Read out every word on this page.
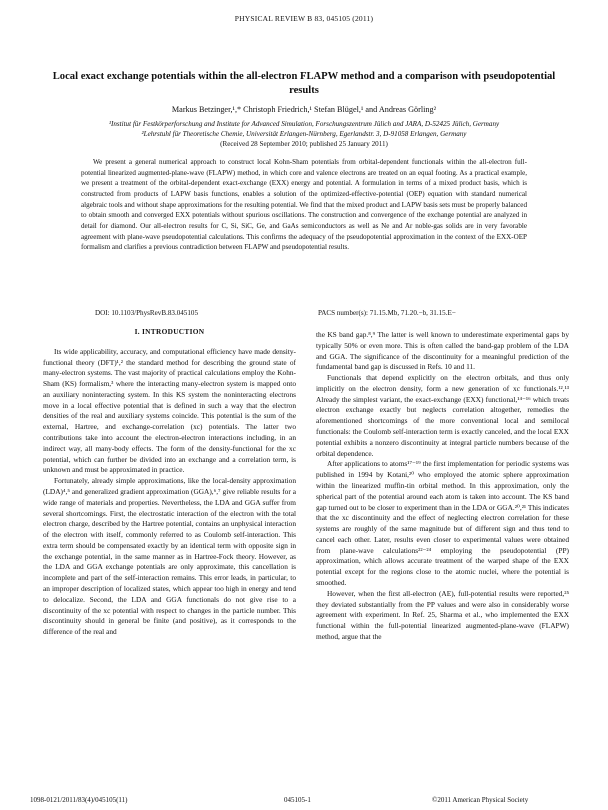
PHYSICAL REVIEW B 83, 045105 (2011)
Local exact exchange potentials within the all-electron FLAPW method and a comparison with pseudopotential results
Markus Betzinger,¹,* Christoph Friedrich,¹ Stefan Blügel,¹ and Andreas Görling²
¹Institut für Festkörperforschung and Institute for Advanced Simulation, Forschungszentrum Jülich and JARA, D-52425 Jülich, Germany
²Lehrstuhl für Theoretische Chemie, Universität Erlangen-Nürnberg, Egerlandstr. 3, D-91058 Erlangen, Germany
(Received 28 September 2010; published 25 January 2011)

We present a general numerical approach to construct local Kohn-Sham potentials from orbital-dependent functionals within the all-electron full-potential linearized augmented-plane-wave (FLAPW) method, in which core and valence electrons are treated on an equal footing. As a practical example, we present a treatment of the orbital-dependent exact-exchange (EXX) energy and potential. A formulation in terms of a mixed product basis, which is constructed from products of LAPW basis functions, enables a solution of the optimized-effective-potential (OEP) equation with standard numerical algebraic tools and without shape approximations for the resulting potential. We find that the mixed product and LAPW basis sets must be properly balanced to obtain smooth and converged EXX potentials without spurious oscillations. The construction and convergence of the exchange potential are analyzed in detail for diamond. Our all-electron results for C, Si, SiC, Ge, and GaAs semiconductors as well as Ne and Ar noble-gas solids are in very favorable agreement with plane-wave pseudopotential calculations. This confirms the adequacy of the pseudopotential approximation in the context of the EXX-OEP formalism and clarifies a previous contradiction between FLAPW and pseudopotential results.

DOI: 10.1103/PhysRevB.83.045105	PACS number(s): 71.15.Mb, 71.20.−b, 31.15.E−
I. INTRODUCTION

Its wide applicability, accuracy, and computational efficiency have made density-functional theory (DFT)¹,² the standard method for describing the ground state of many-electron systems. The vast majority of practical calculations employ the Kohn-Sham (KS) formalism,³ where the interacting many-electron system is mapped onto an auxiliary noninteracting system. In this KS system the noninteracting electrons move in a local effective potential that is defined in such a way that the electron densities of the real and auxiliary systems coincide. This potential is the sum of the external, Hartree, and exchange-correlation (xc) potentials. The latter two contributions take into account the electron-electron interactions including, in an indirect way, all many-body effects. The form of the density-functional for the xc potential, which can further be divided into an exchange and a correlation term, is unknown and must be approximated in practice.

Fortunately, already simple approximations, like the local-density approximation (LDA)⁴,⁵ and generalized gradient approximation (GGA),⁶,⁷ give reliable results for a wide range of materials and properties. Nevertheless, the LDA and GGA suffer from several shortcomings. First, the electrostatic interaction of the electron with the total electron charge, described by the Hartree potential, contains an unphysical interaction of the electron with itself, commonly referred to as Coulomb self-interaction. This extra term should be compensated exactly by an identical term with opposite sign in the exchange potential, in the same manner as in Hartree-Fock theory. However, as the LDA and GGA exchange potentials are only approximate, this cancellation is incomplete and part of the self-interaction remains. This error leads, in particular, to an improper description of localized states, which appear too high in energy and tend to delocalize. Second, the LDA and GGA functionals do not give rise to a discontinuity of the xc potential with respect to changes in the particle number. This discontinuity should in general be finite (and positive), as it corresponds to the difference of the real and

the KS band gap.⁸,⁹ The latter is well known to underestimate experimental gaps by typically 50% or even more. This is often called the band-gap problem of the LDA and GGA. The significance of the discontinuity for a meaningful prediction of the fundamental band gap is discussed in Refs. 10 and 11.

Functionals that depend explicitly on the electron orbitals, and thus only implicitly on the electron density, form a new generation of xc functionals.¹²,¹³ Already the simplest variant, the exact-exchange (EXX) functional,¹⁴⁻¹⁶ which treats electron exchange exactly but neglects correlation altogether, remedies the aforementioned shortcomings of the more conventional local and semilocal functionals: the Coulomb self-interaction term is exactly canceled, and the local EXX potential exhibits a nonzero discontinuity at integral particle numbers because of the orbital dependence.

After applications to atoms¹⁷⁻¹⁹ the first implementation for periodic systems was published in 1994 by Kotani,²⁰ who employed the atomic sphere approximation within the linearized muffin-tin orbital method. In this approximation, only the spherical part of the potential around each atom is taken into account. The KS band gap turned out to be closer to experiment than in the LDA or GGA.²⁰,²¹ This indicates that the xc discontinuity and the effect of neglecting electron correlation for these systems are roughly of the same magnitude but of different sign and thus tend to cancel each other. Later, results even closer to experimental values were obtained from plane-wave calculations²²⁻²⁴ employing the pseudopotential (PP) approximation, which allows accurate treatment of the warped shape of the EXX potential except for the regions close to the atomic nuclei, where the potential is smoothed.

However, when the first all-electron (AE), full-potential results were reported,²⁵ they deviated substantially from the PP values and were also in considerably worse agreement with experiment. In Ref. 25, Sharma et al., who implemented the EXX functional within the full-potential linearized augmented-plane-wave (FLAPW) method, argue that the

1098-0121/2011/83(4)/045105(11)	045105-1	©2011 American Physical Society
